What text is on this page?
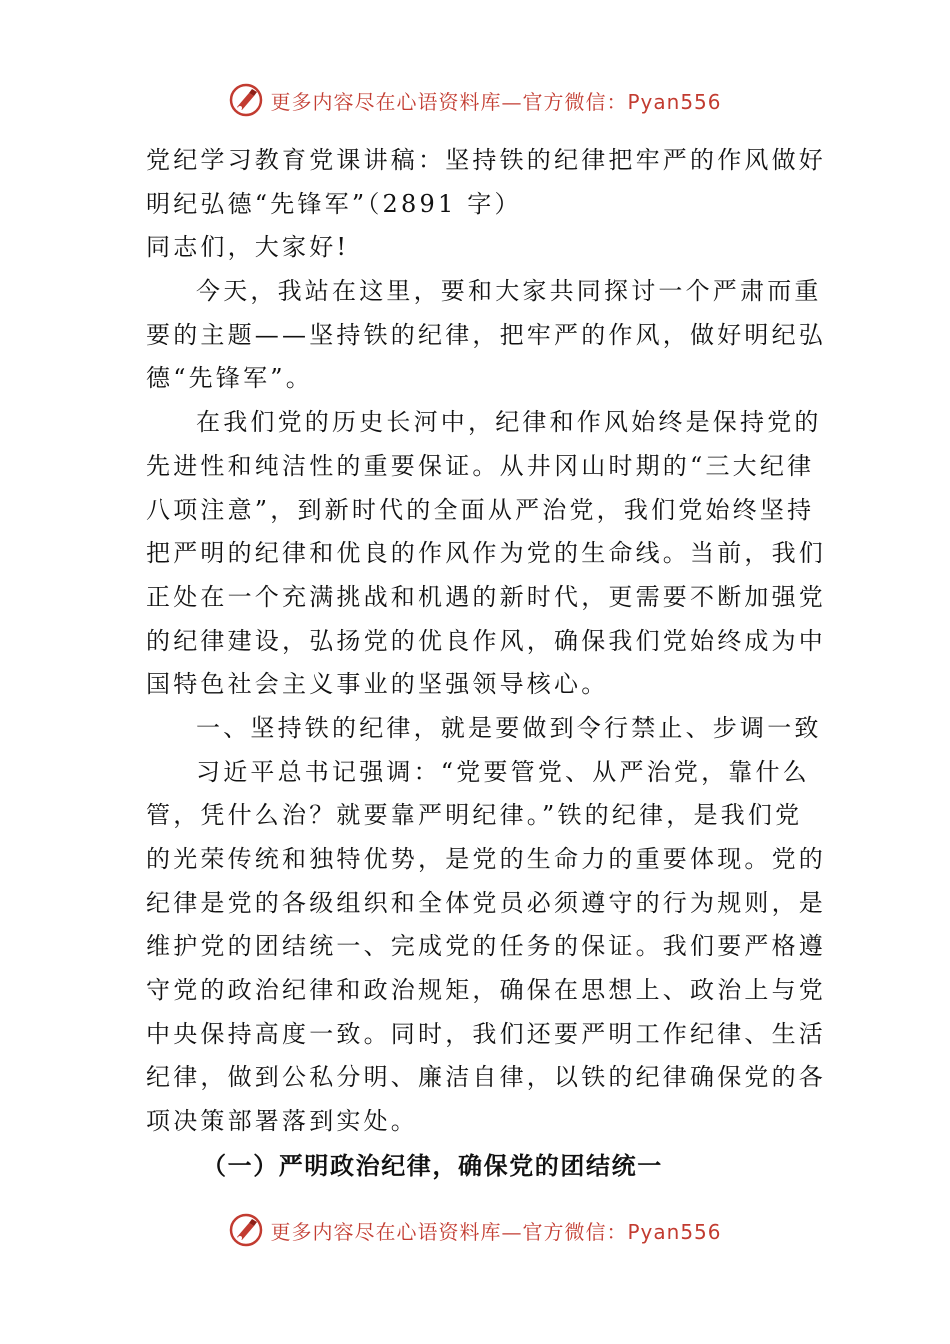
更多内容尽在心语资料库—官方微信：Pyan556
党纪学习教育党课讲稿：坚持铁的纪律把牢严的作风做好
明纪弘德“先锋军”（2891 字）
同志们，大家好!
今天，我站在这里，要和大家共同探讨一个严肃而重
要的主题——坚持铁的纪律，把牢严的作风，做好明纪弘
德“先锋军”。
在我们党的历史长河中，纪律和作风始终是保持党的
先进性和纯洁性的重要保证。从井冈山时期的“三大纪律
八项注意”，到新时代的全面从严治党，我们党始终坚持
把严明的纪律和优良的作风作为党的生命线。当前，我们
正处在一个充满挑战和机遇的新时代，更需要不断加强党
的纪律建设，弘扬党的优良作风，确保我们党始终成为中
国特色社会主义事业的坚强领导核心。
一、坚持铁的纪律，就是要做到令行禁止、步调一致
习近平总书记强调：“党要管党、从严治党，靠什么
管，凭什么治？就要靠严明纪律。”铁的纪律，是我们党
的光荣传统和独特优势，是党的生命力的重要体现。党的
纪律是党的各级组织和全体党员必须遵守的行为规则，是
维护党的团结统一、完成党的任务的保证。我们要严格遵
守党的政治纪律和政治规矩，确保在思想上、政治上与党
中央保持高度一致。同时，我们还要严明工作纪律、生活
纪律，做到公私分明、廉洁自律，以铁的纪律确保党的各
项决策部署落到实处。
（一）严明政治纪律，确保党的团结统一
更多内容尽在心语资料库—官方微信：Pyan556
